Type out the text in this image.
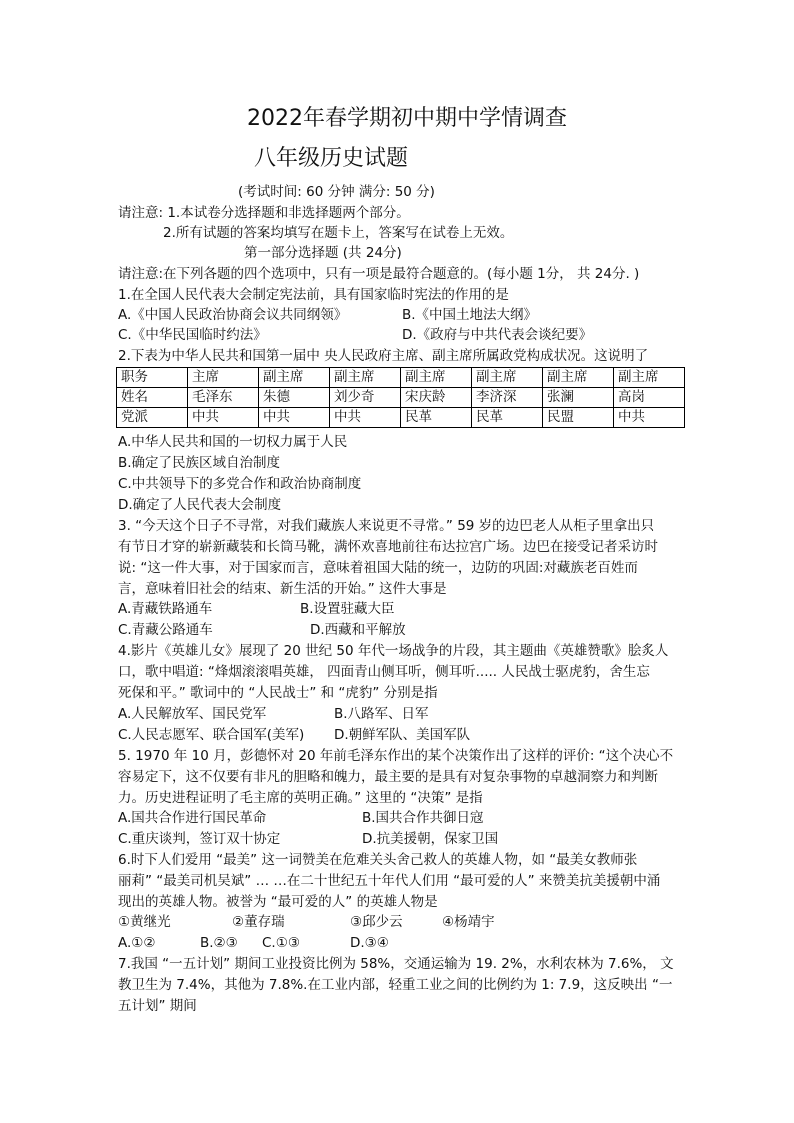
2022年春学期初中期中学情调查
八年级历史试题
(考试时间: 60 分钟 满分: 50 分)
请注意: 1.本试卷分选择题和非选择题两个部分。
2.所有试题的答案均填写在题卡上，答案写在试卷上无效。
第一部分选择题 (共 24分)
请注意:在下列各题的四个选项中，只有一项是最符合题意的。(每小题 1分， 共 24分. )
1.在全国人民代表大会制定宪法前，具有国家临时宪法的作用的是
A.《中国人民政治协商会议共同纲领》	B.《中国土地法大纲》
C.《中华民国临时约法》	D.《政府与中共代表会谈纪要》
2.下表为中华人民共和国第一届中 央人民政府主席、副主席所属政党构成状况。这说明了
职务	主席	副主席	副主席	副主席	副主席	副主席	副主席
姓名	毛泽东	朱德	刘少奇	宋庆龄	李济深	张澜	高岗
党派	中共	中共	中共	民革	民革	民盟	中共
A.中华人民共和国的一切权力属于人民
B.确定了民族区域自治制度
C.中共领导下的多党合作和政治协商制度
D.确定了人民代表大会制度
3. “今天这个日子不寻常，对我们藏族人来说更不寻常。” 59 岁的边巴老人从柜子里拿出只
有节日才穿的崭新藏装和长筒马靴，满怀欢喜地前往布达拉宫广场。边巴在接受记者采访时
说: “这一件大事，对于国家而言，意味着祖国大陆的统一，边防的巩固:对藏族老百姓而
言，意味着旧社会的结束、新生活的开始。” 这件大事是
A.青藏铁路通车	B.设置驻藏大臣
C.青藏公路通车	D.西藏和平解放
4.影片《英雄儿女》展现了 20 世纪 50 年代一场战争的片段，其主题曲《英雄赞歌》脍炙人
口，歌中唱道: “烽烟滚滚唱英雄， 四面青山侧耳听，侧耳听..... 人民战士驱虎豹，舍生忘
死保和平。” 歌词中的 “人民战士” 和 “虎豹” 分别是指
A.人民解放军、国民党军	B.八路军、日军
C.人民志愿军、联合国军(美军) D.朝鲜军队、美国军队
5. 1970 年 10 月，彭德怀对 20 年前毛泽东作出的某个决策作出了这样的评价: “这个决心不
容易定下，这不仅要有非凡的胆略和魄力，最主要的是具有对复杂事物的卓越洞察力和判断
力。历史进程证明了毛主席的英明正确。” 这里的 “决策” 是指
A.国共合作进行国民革命	B.国共合作共御日寇
C.重庆谈判，签订双十协定	D.抗美援朝，保家卫国
6.时下人们爱用 “最美” 这一词赞美在危难关头舍己救人的英雄人物，如 “最美女教师张
丽莉” “最美司机吴斌” … …在二十世纪五十年代人们用 “最可爱的人” 来赞美抗美援朝中涌
现出的英雄人物。被誉为 “最可爱的人” 的英雄人物是
①黄继光	②董存瑞	③邱少云	④杨靖宇
A.①②	B.②③ C.①③	D.③④
7.我国 “一五计划” 期间工业投资比例为 58%，交通运输为 19. 2%，水利农林为 7.6%， 文
教卫生为 7.4%，其他为 7.8%.在工业内部，轻重工业之间的比例约为 1: 7.9，这反映出 “一
五计划” 期间
